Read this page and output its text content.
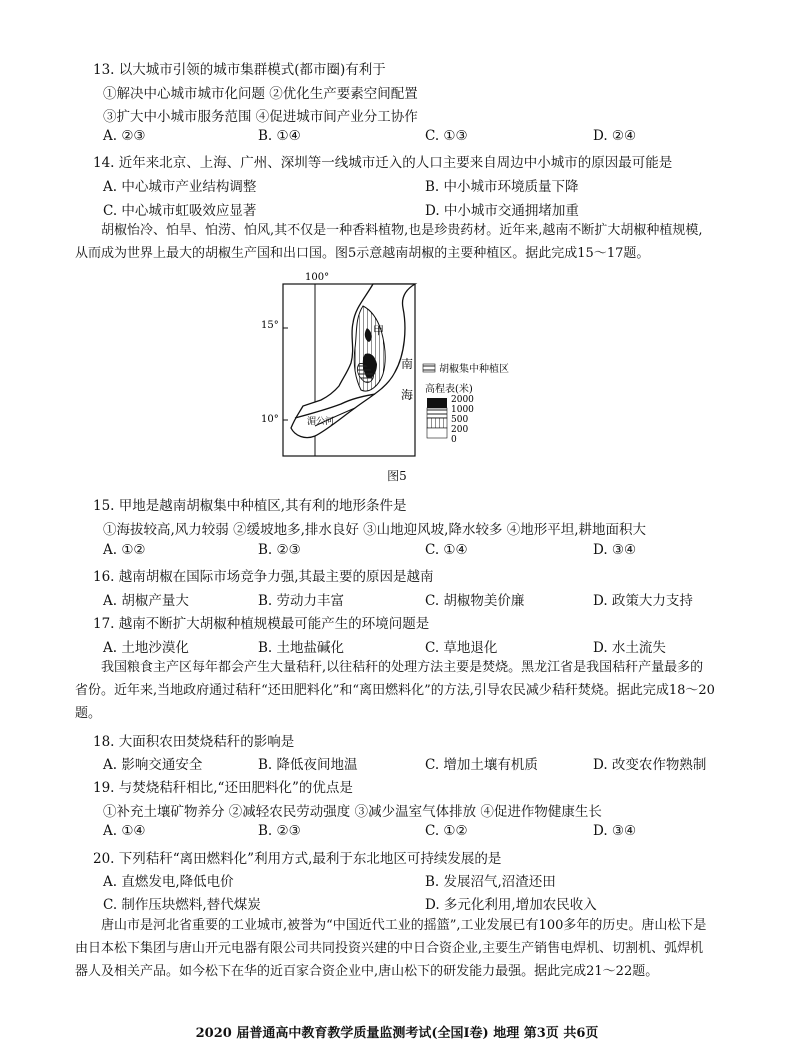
13. 以大城市引领的城市集群模式(都市圈)有利于
①解决中心城市城市化问题 ②优化生产要素空间配置
③扩大中小城市服务范围 ④促进城市间产业分工协作
A. ②③	B. ①④	C. ①③	D. ②④
14. 近年来北京、上海、广州、深圳等一线城市迁入的人口主要来自周边中小城市的原因最可能是
A. 中心城市产业结构调整	B. 中小城市环境质量下降
C. 中心城市虹吸效应显著	D. 中小城市交通拥堵加重

胡椒怡冷、怕旱、怕涝、怕风,其不仅是一种香料植物,也是珍贵药材。近年来,越南不断扩大胡椒种植规模,从而成为世界上最大的胡椒生产国和出口国。图5示意越南胡椒的主要种植区。据此完成15～17题。

100°
15°
10°
甲
南
海
湄公河
胡椒集中种植区
高程表(米)
2000
1000
500
200
0
图5
15. 甲地是越南胡椒集中种植区,其有利的地形条件是
①海拔较高,风力较弱 ②缓坡地多,排水良好 ③山地迎风坡,降水较多 ④地形平坦,耕地面积大
A. ①②	B. ②③	C. ①④	D. ③④
16. 越南胡椒在国际市场竞争力强,其最主要的原因是越南
A. 胡椒产量大	B. 劳动力丰富	C. 胡椒物美价廉	D. 政策大力支持
17. 越南不断扩大胡椒种植规模最可能产生的环境问题是
A. 土地沙漠化	B. 土地盐碱化	C. 草地退化	D. 水土流失

我国粮食主产区每年都会产生大量秸秆,以往秸秆的处理方法主要是焚烧。黑龙江省是我国秸秆产量最多的省份。近年来,当地政府通过秸秆“还田肥料化”和“离田燃料化”的方法,引导农民减少秸秆焚烧。据此完成18～20题。

18. 大面积农田焚烧秸秆的影响是
A. 影响交通安全	B. 降低夜间地温	C. 增加土壤有机质	D. 改变农作物熟制
19. 与焚烧秸秆相比,“还田肥料化”的优点是
①补充土壤矿物养分 ②减轻农民劳动强度 ③减少温室气体排放 ④促进作物健康生长
A. ①④	B. ②③	C. ①②	D. ③④
20. 下列秸秆“离田燃料化”利用方式,最利于东北地区可持续发展的是
A. 直燃发电,降低电价	B. 发展沼气,沼渣还田
C. 制作压块燃料,替代煤炭	D. 多元化利用,增加农民收入

唐山市是河北省重要的工业城市,被誉为“中国近代工业的摇篮”,工业发展已有100多年的历史。唐山松下是由日本松下集团与唐山开元电器有限公司共同投资兴建的中日合资企业,主要生产销售电焊机、切割机、弧焊机器人及相关产品。如今松下在华的近百家合资企业中,唐山松下的研发能力最强。据此完成21～22题。

2020 届普通高中教育教学质量监测考试(全国Ⅰ卷) 地理 第3页 共6页
